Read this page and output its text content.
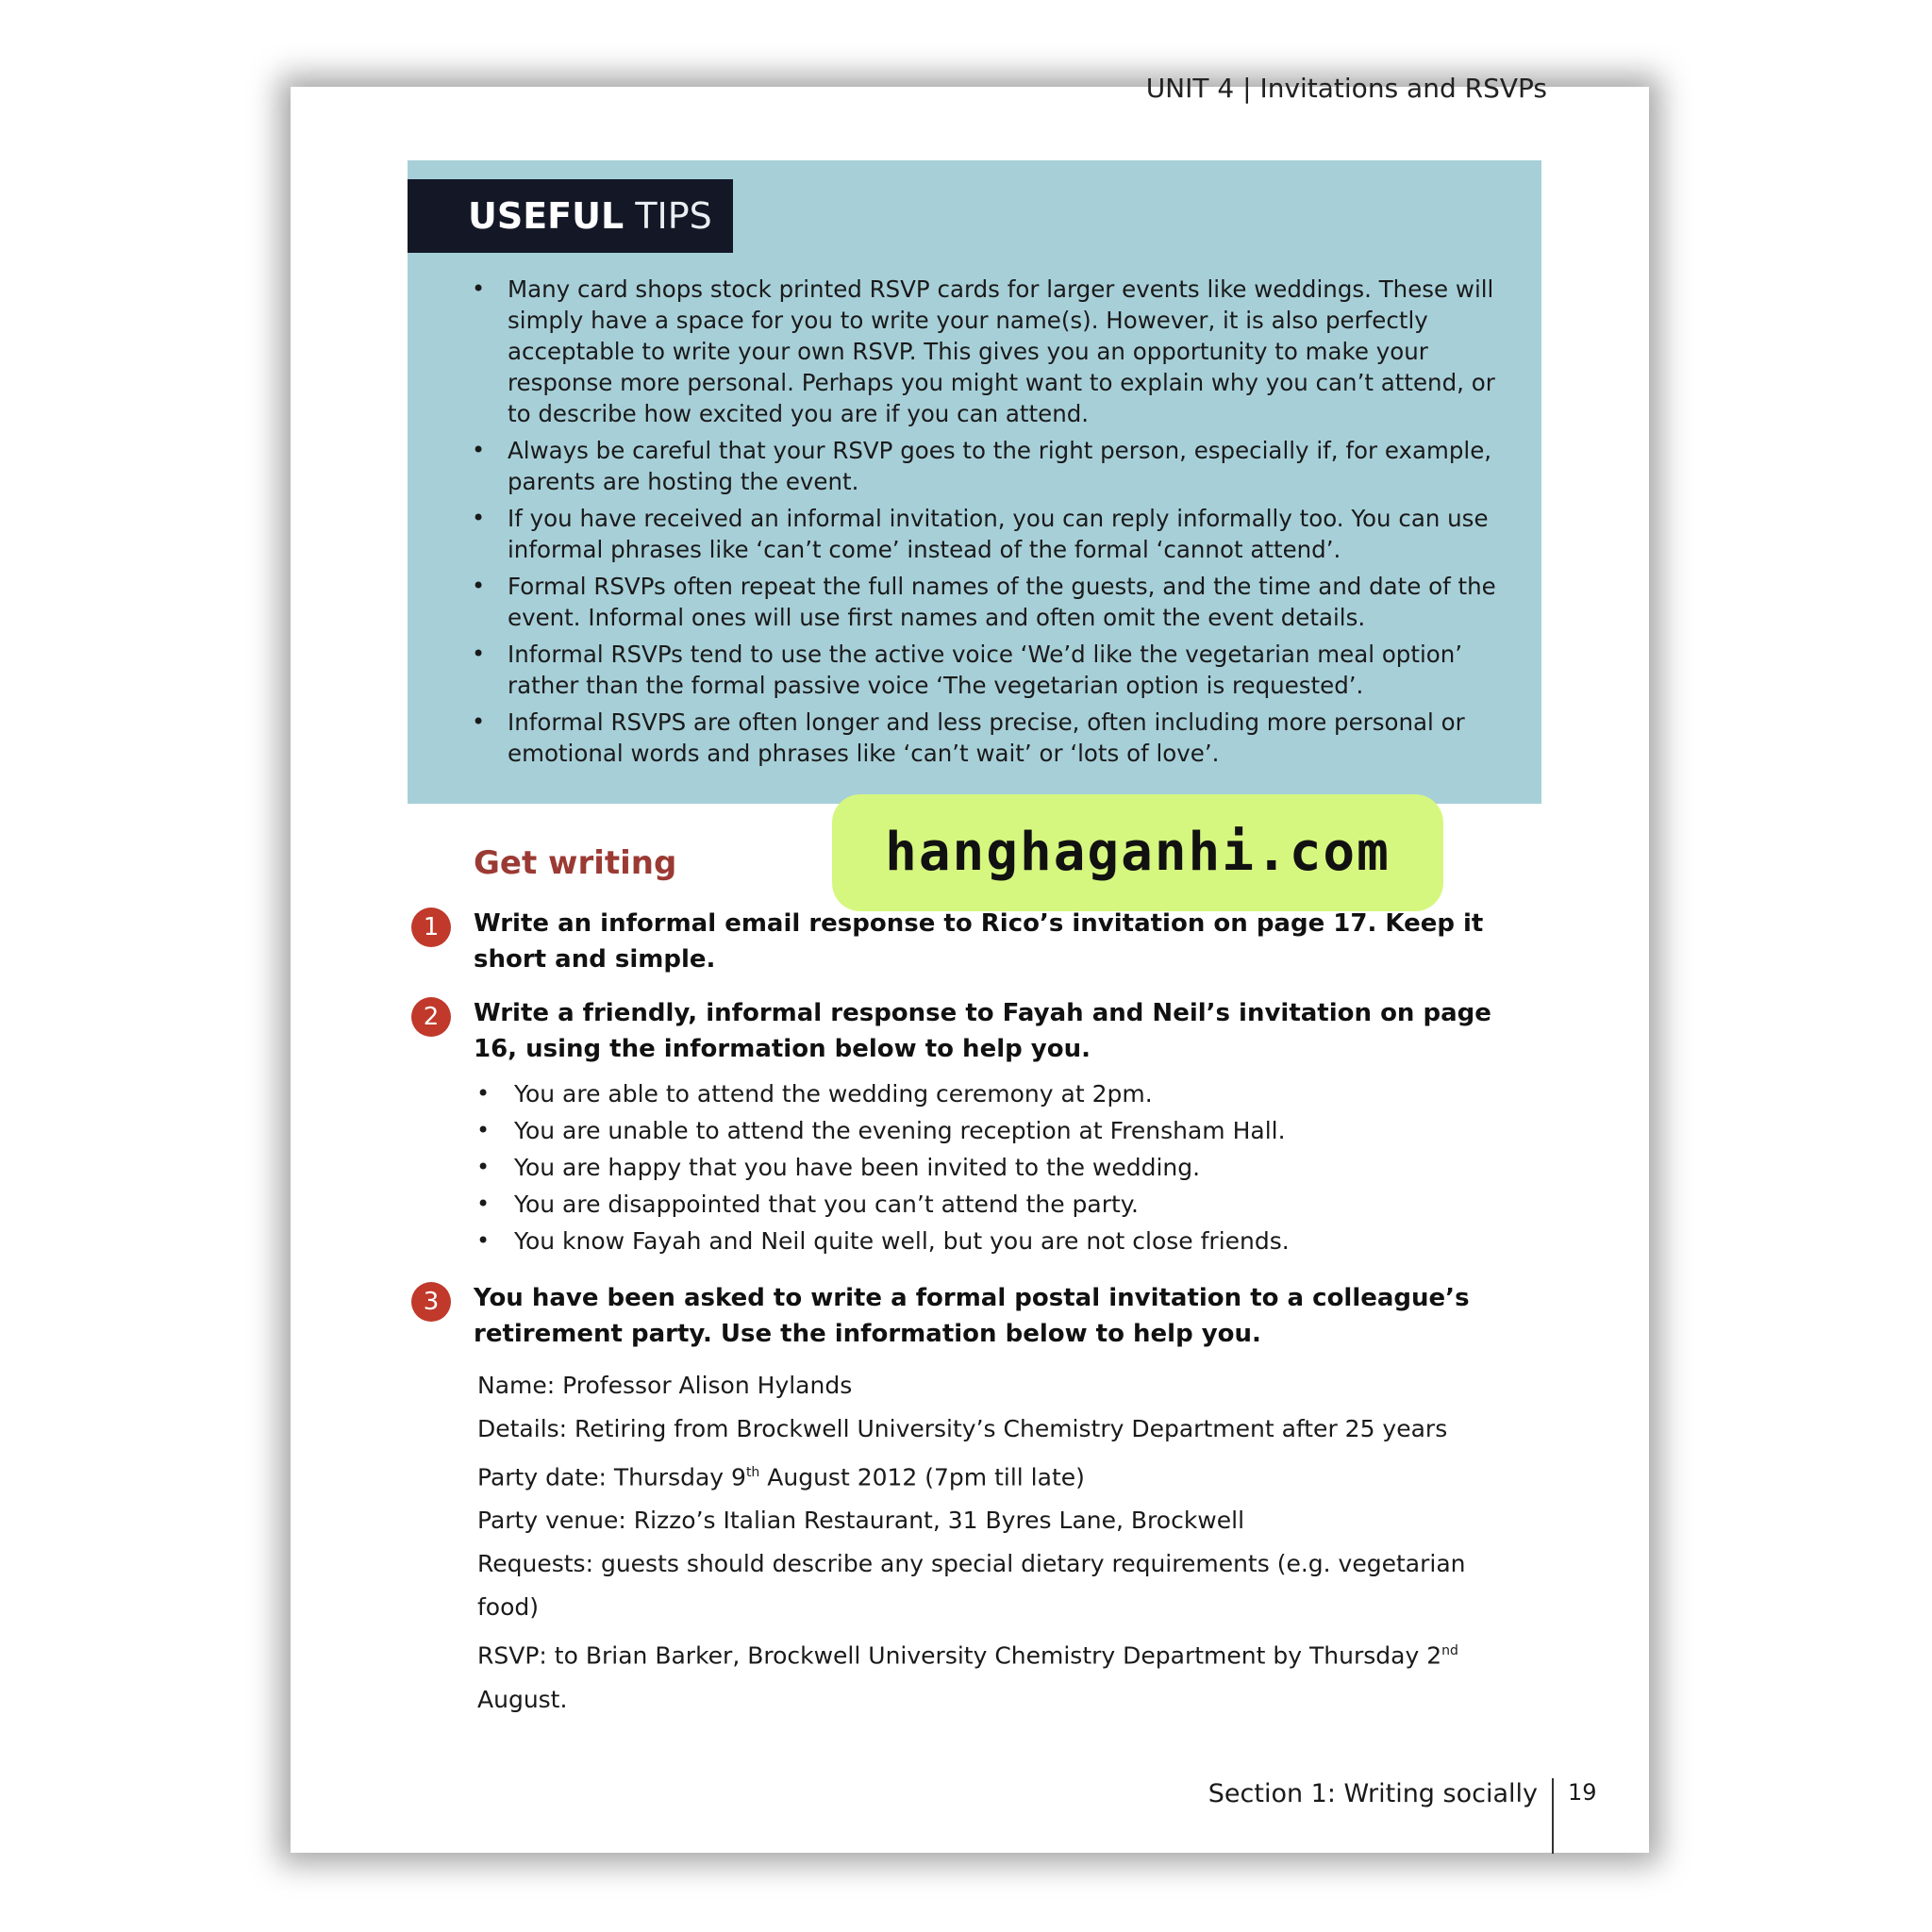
UNIT 4 | Invitations and RSVPs
USEFUL TIPS
• Many card shops stock printed RSVP cards for larger events like weddings. These will simply have a space for you to write your name(s). However, it is also perfectly acceptable to write your own RSVP. This gives you an opportunity to make your response more personal. Perhaps you might want to explain why you can’t attend, or to describe how excited you are if you can attend.
• Always be careful that your RSVP goes to the right person, especially if, for example, parents are hosting the event.
• If you have received an informal invitation, you can reply informally too. You can use informal phrases like ‘can’t come’ instead of the formal ‘cannot attend’.
• Formal RSVPs often repeat the full names of the guests, and the time and date of the event. Informal ones will use first names and often omit the event details.
• Informal RSVPs tend to use the active voice ‘We’d like the vegetarian meal option’ rather than the formal passive voice ‘The vegetarian option is requested’.
• Informal RSVPS are often longer and less precise, often including more personal or emotional words and phrases like ‘can’t wait’ or ‘lots of love’.
Get writing	hanghaganhi.com
1	Write an informal email response to Rico’s invitation on page 17. Keep it short and simple.
2	Write a friendly, informal response to Fayah and Neil’s invitation on page 16, using the information below to help you.
• You are able to attend the wedding ceremony at 2pm.
• You are unable to attend the evening reception at Frensham Hall.
• You are happy that you have been invited to the wedding.
• You are disappointed that you can’t attend the party.
• You know Fayah and Neil quite well, but you are not close friends.
3	You have been asked to write a formal postal invitation to a colleague’s retirement party. Use the information below to help you.
Name: Professor Alison Hylands
Details: Retiring from Brockwell University’s Chemistry Department after 25 years
Party date: Thursday 9th August 2012 (7pm till late)
Party venue: Rizzo’s Italian Restaurant, 31 Byres Lane, Brockwell
Requests: guests should describe any special dietary requirements (e.g. vegetarian food)
RSVP: to Brian Barker, Brockwell University Chemistry Department by Thursday 2nd August.
Section 1: Writing socially 19
